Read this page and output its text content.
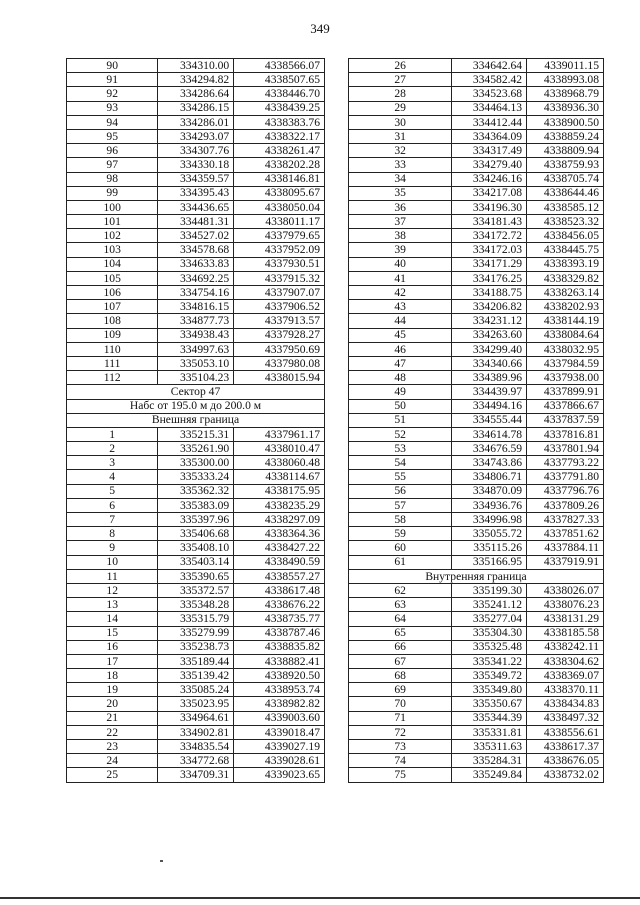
349
90	334310.00	4338566.07
91	334294.82	4338507.65
92	334286.64	4338446.70
93	334286.15	4338439.25
94	334286.01	4338383.76
95	334293.07	4338322.17
96	334307.76	4338261.47
97	334330.18	4338202.28
98	334359.57	4338146.81
99	334395.43	4338095.67
100	334436.65	4338050.04
101	334481.31	4338011.17
102	334527.02	4337979.65
103	334578.68	4337952.09
104	334633.83	4337930.51
105	334692.25	4337915.32
106	334754.16	4337907.07
107	334816.15	4337906.52
108	334877.73	4337913.57
109	334938.43	4337928.27
110	334997.63	4337950.69
111	335053.10	4337980.08
112	335104.23	4338015.94
Сектор 47		
Набс от 195.0 м до 200.0 м		
Внешняя граница		
1	335215.31	4337961.17
2	335261.90	4338010.47
3	335300.00	4338060.48
4	335333.24	4338114.67
5	335362.32	4338175.95
6	335383.09	4338235.29
7	335397.96	4338297.09
8	335406.68	4338364.36
9	335408.10	4338427.22
10	335403.14	4338490.59
11	335390.65	4338557.27
12	335372.57	4338617.48
13	335348.28	4338676.22
14	335315.79	4338735.77
15	335279.99	4338787.46
16	335238.73	4338835.82
17	335189.44	4338882.41
18	335139.42	4338920.50
19	335085.24	4338953.74
20	335023.95	4338982.82
21	334964.61	4339003.60
22	334902.81	4339018.47
23	334835.54	4339027.19
24	334772.68	4339028.61
25	334709.31	4339023.65
26	334642.64	4339011.15
27	334582.42	4338993.08
28	334523.68	4338968.79
29	334464.13	4338936.30
30	334412.44	4338900.50
31	334364.09	4338859.24
32	334317.49	4338809.94
33	334279.40	4338759.93
34	334246.16	4338705.74
35	334217.08	4338644.46
36	334196.30	4338585.12
37	334181.43	4338523.32
38	334172.72	4338456.05
39	334172.03	4338445.75
40	334171.29	4338393.19
41	334176.25	4338329.82
42	334188.75	4338263.14
43	334206.82	4338202.93
44	334231.12	4338144.19
45	334263.60	4338084.64
46	334299.40	4338032.95
47	334340.66	4337984.59
48	334389.96	4337938.00
49	334439.97	4337899.91
50	334494.16	4337866.67
51	334555.44	4337837.59
52	334614.78	4337816.81
53	334676.59	4337801.94
54	334743.86	4337793.22
55	334806.71	4337791.80
56	334870.09	4337796.76
57	334936.76	4337809.26
58	334996.98	4337827.33
59	335055.72	4337851.62
60	335115.26	4337884.11
61	335166.95	4337919.91
Внутренняя граница		
62	335199.30	4338026.07
63	335241.12	4338076.23
64	335277.04	4338131.29
65	335304.30	4338185.58
66	335325.48	4338242.11
67	335341.22	4338304.62
68	335349.72	4338369.07
69	335349.80	4338370.11
70	335350.67	4338434.83
71	335344.39	4338497.32
72	335331.81	4338556.61
73	335311.63	4338617.37
74	335284.31	4338676.05
75	335249.84	4338732.02
